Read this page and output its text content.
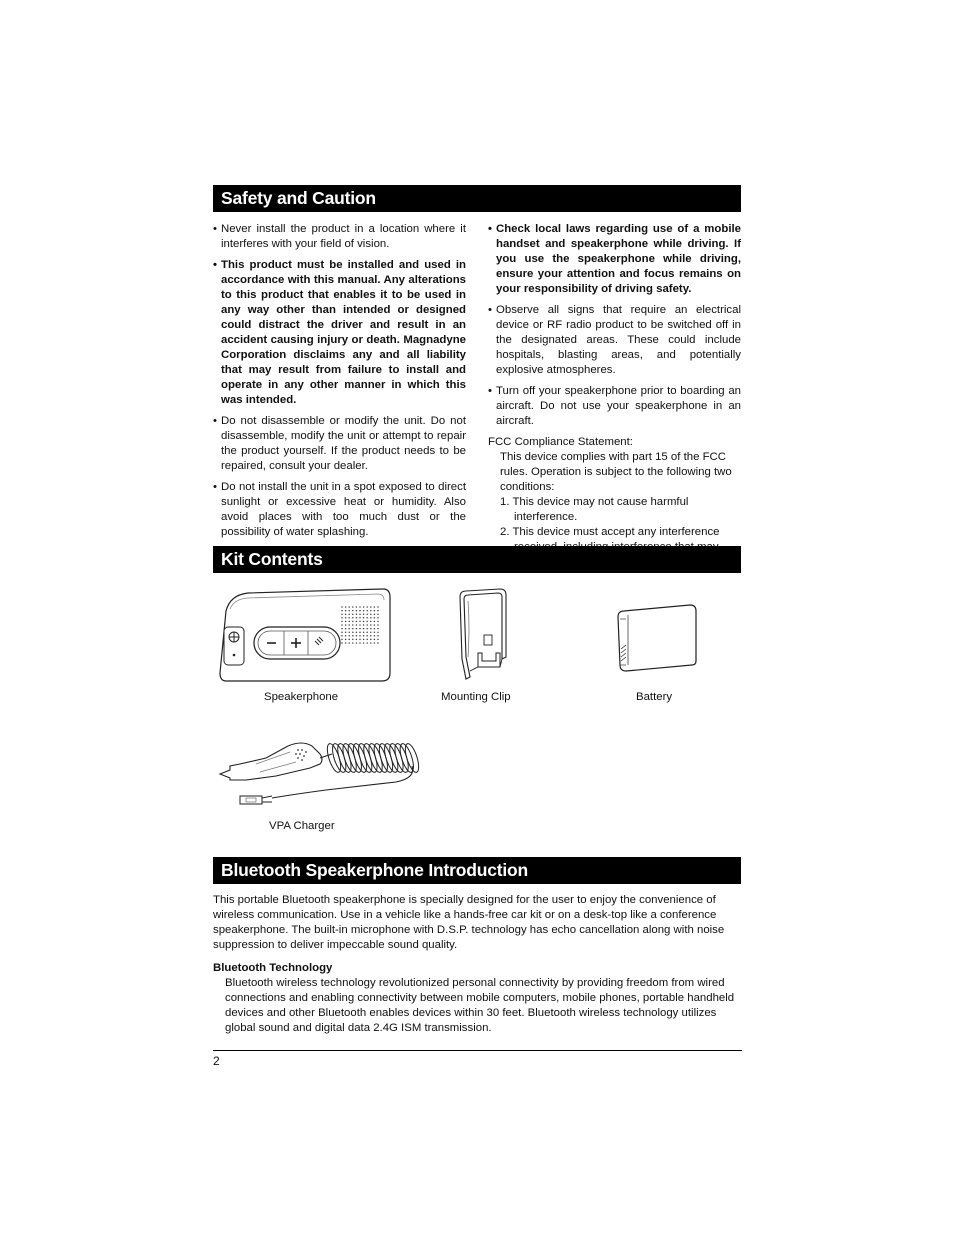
Safety and Caution
• Never install the product in a location where it interferes with your field of vision.
• This product must be installed and used in accordance with this manual. Any alterations to this product that enables it to be used in any way other than intended or designed could distract the driver and result in an accident causing injury or death. Magnadyne Corporation disclaims any and all liability that may result from failure to install and operate in any other manner in which this was intended.
• Do not disassemble or modify the unit. Do not disassemble, modify the unit or attempt to repair the product yourself. If the product needs to be repaired, consult your dealer.
• Do not install the unit in a spot exposed to direct sunlight or excessive heat or humidity. Also avoid places with too much dust or the possibility of water splashing.
• Check local laws regarding use of a mobile handset and speakerphone while driving. If you use the speakerphone while driving, ensure your attention and focus remains on your responsibility of driving safety.
• Observe all signs that require an electrical device or RF radio product to be switched off in the designated areas. These could include hospitals, blasting areas, and potentially explosive atmospheres.
• Turn off your speakerphone prior to boarding an aircraft. Do not use your speakerphone in an aircraft.
FCC Compliance Statement:
This device complies with part 15 of the FCC rules. Operation is subject to the following two conditions:
1. This device may not cause harmful interference.
2. This device must accept any interference
Kit Contents
Speakerphone	Mounting Clip	Battery
VPA Charger
Bluetooth Speakerphone Introduction

This portable Bluetooth speakerphone is specially designed for the user to enjoy the convenience of wireless communication. Use in a vehicle like a hands-free car kit or on a desk-top like a conference speakerphone. The built-in microphone with D.S.P. technology has echo cancellation along with noise suppression to deliver impeccable sound quality.

Bluetooth Technology
Bluetooth wireless technology revolutionized personal connectivity by providing freedom from wired connections and enabling connectivity between mobile computers, mobile phones, portable handheld devices and other Bluetooth enables devices within 30 feet. Bluetooth wireless technology utilizes global sound and digital data 2.4G ISM transmission.
2
